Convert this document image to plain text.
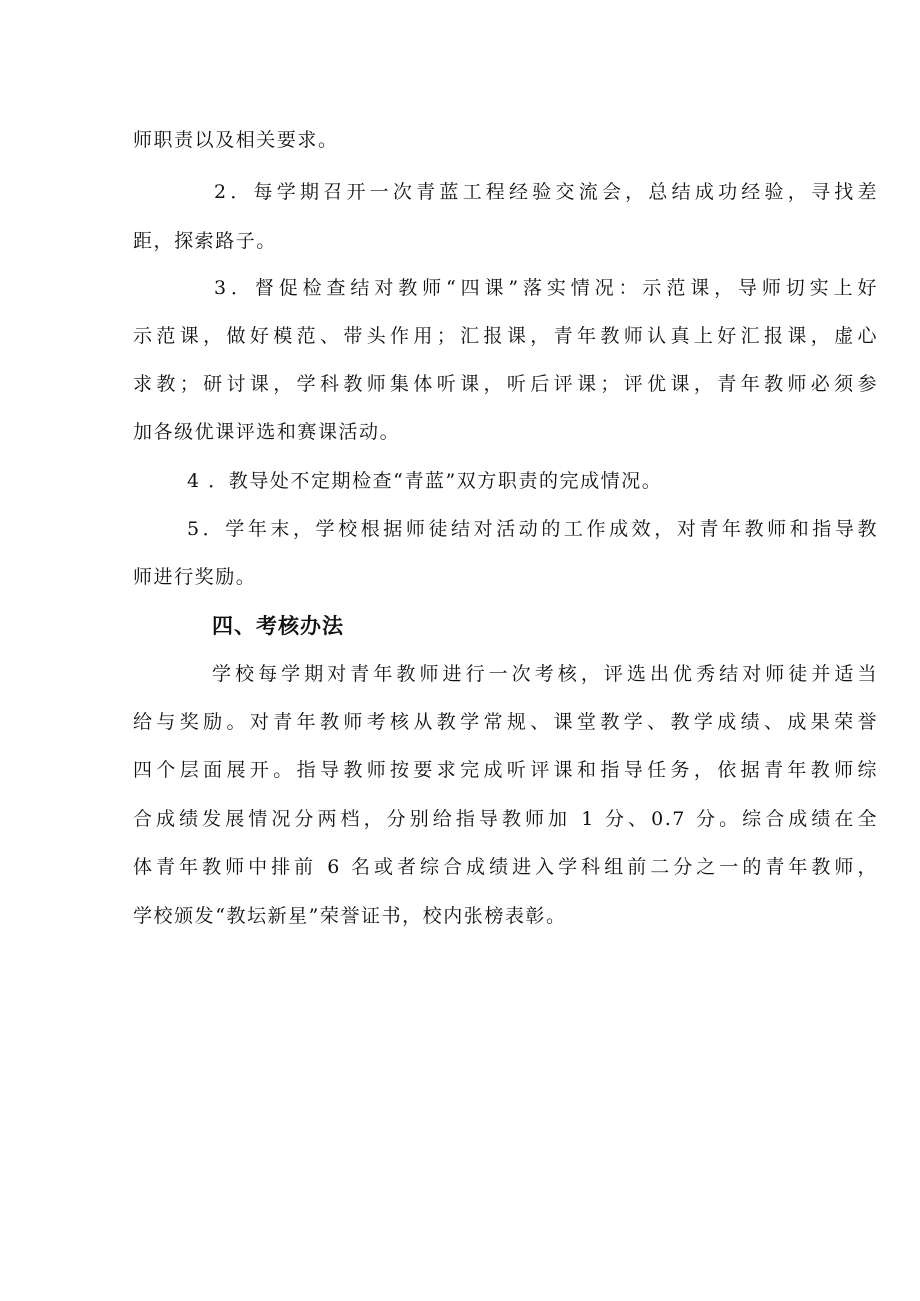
师职责以及相关要求。
2．每学期召开一次青蓝工程经验交流会，总结成功经验，寻找差
距，探索路子。
3．督促检查结对教师“四课”落实情况：示范课，导师切实上好
示范课，做好模范、带头作用；汇报课，青年教师认真上好汇报课，虚心
求教；研讨课，学科教师集体听课，听后评课；评优课，青年教师必须参
加各级优课评选和赛课活动。
4 ．教导处不定期检查“青蓝”双方职责的完成情况。
5．学年末，学校根据师徒结对活动的工作成效，对青年教师和指导教
师进行奖励。
四、考核办法
学校每学期对青年教师进行一次考核，评选出优秀结对师徒并适当
给与奖励。对青年教师考核从教学常规、课堂教学、教学成绩、成果荣誉
四个层面展开。指导教师按要求完成听评课和指导任务，依据青年教师综
合成绩发展情况分两档，分别给指导教师加 1 分、0.7 分。综合成绩在全
体青年教师中排前 6 名或者综合成绩进入学科组前二分之一的青年教师，
学校颁发“教坛新星”荣誉证书，校内张榜表彰。
